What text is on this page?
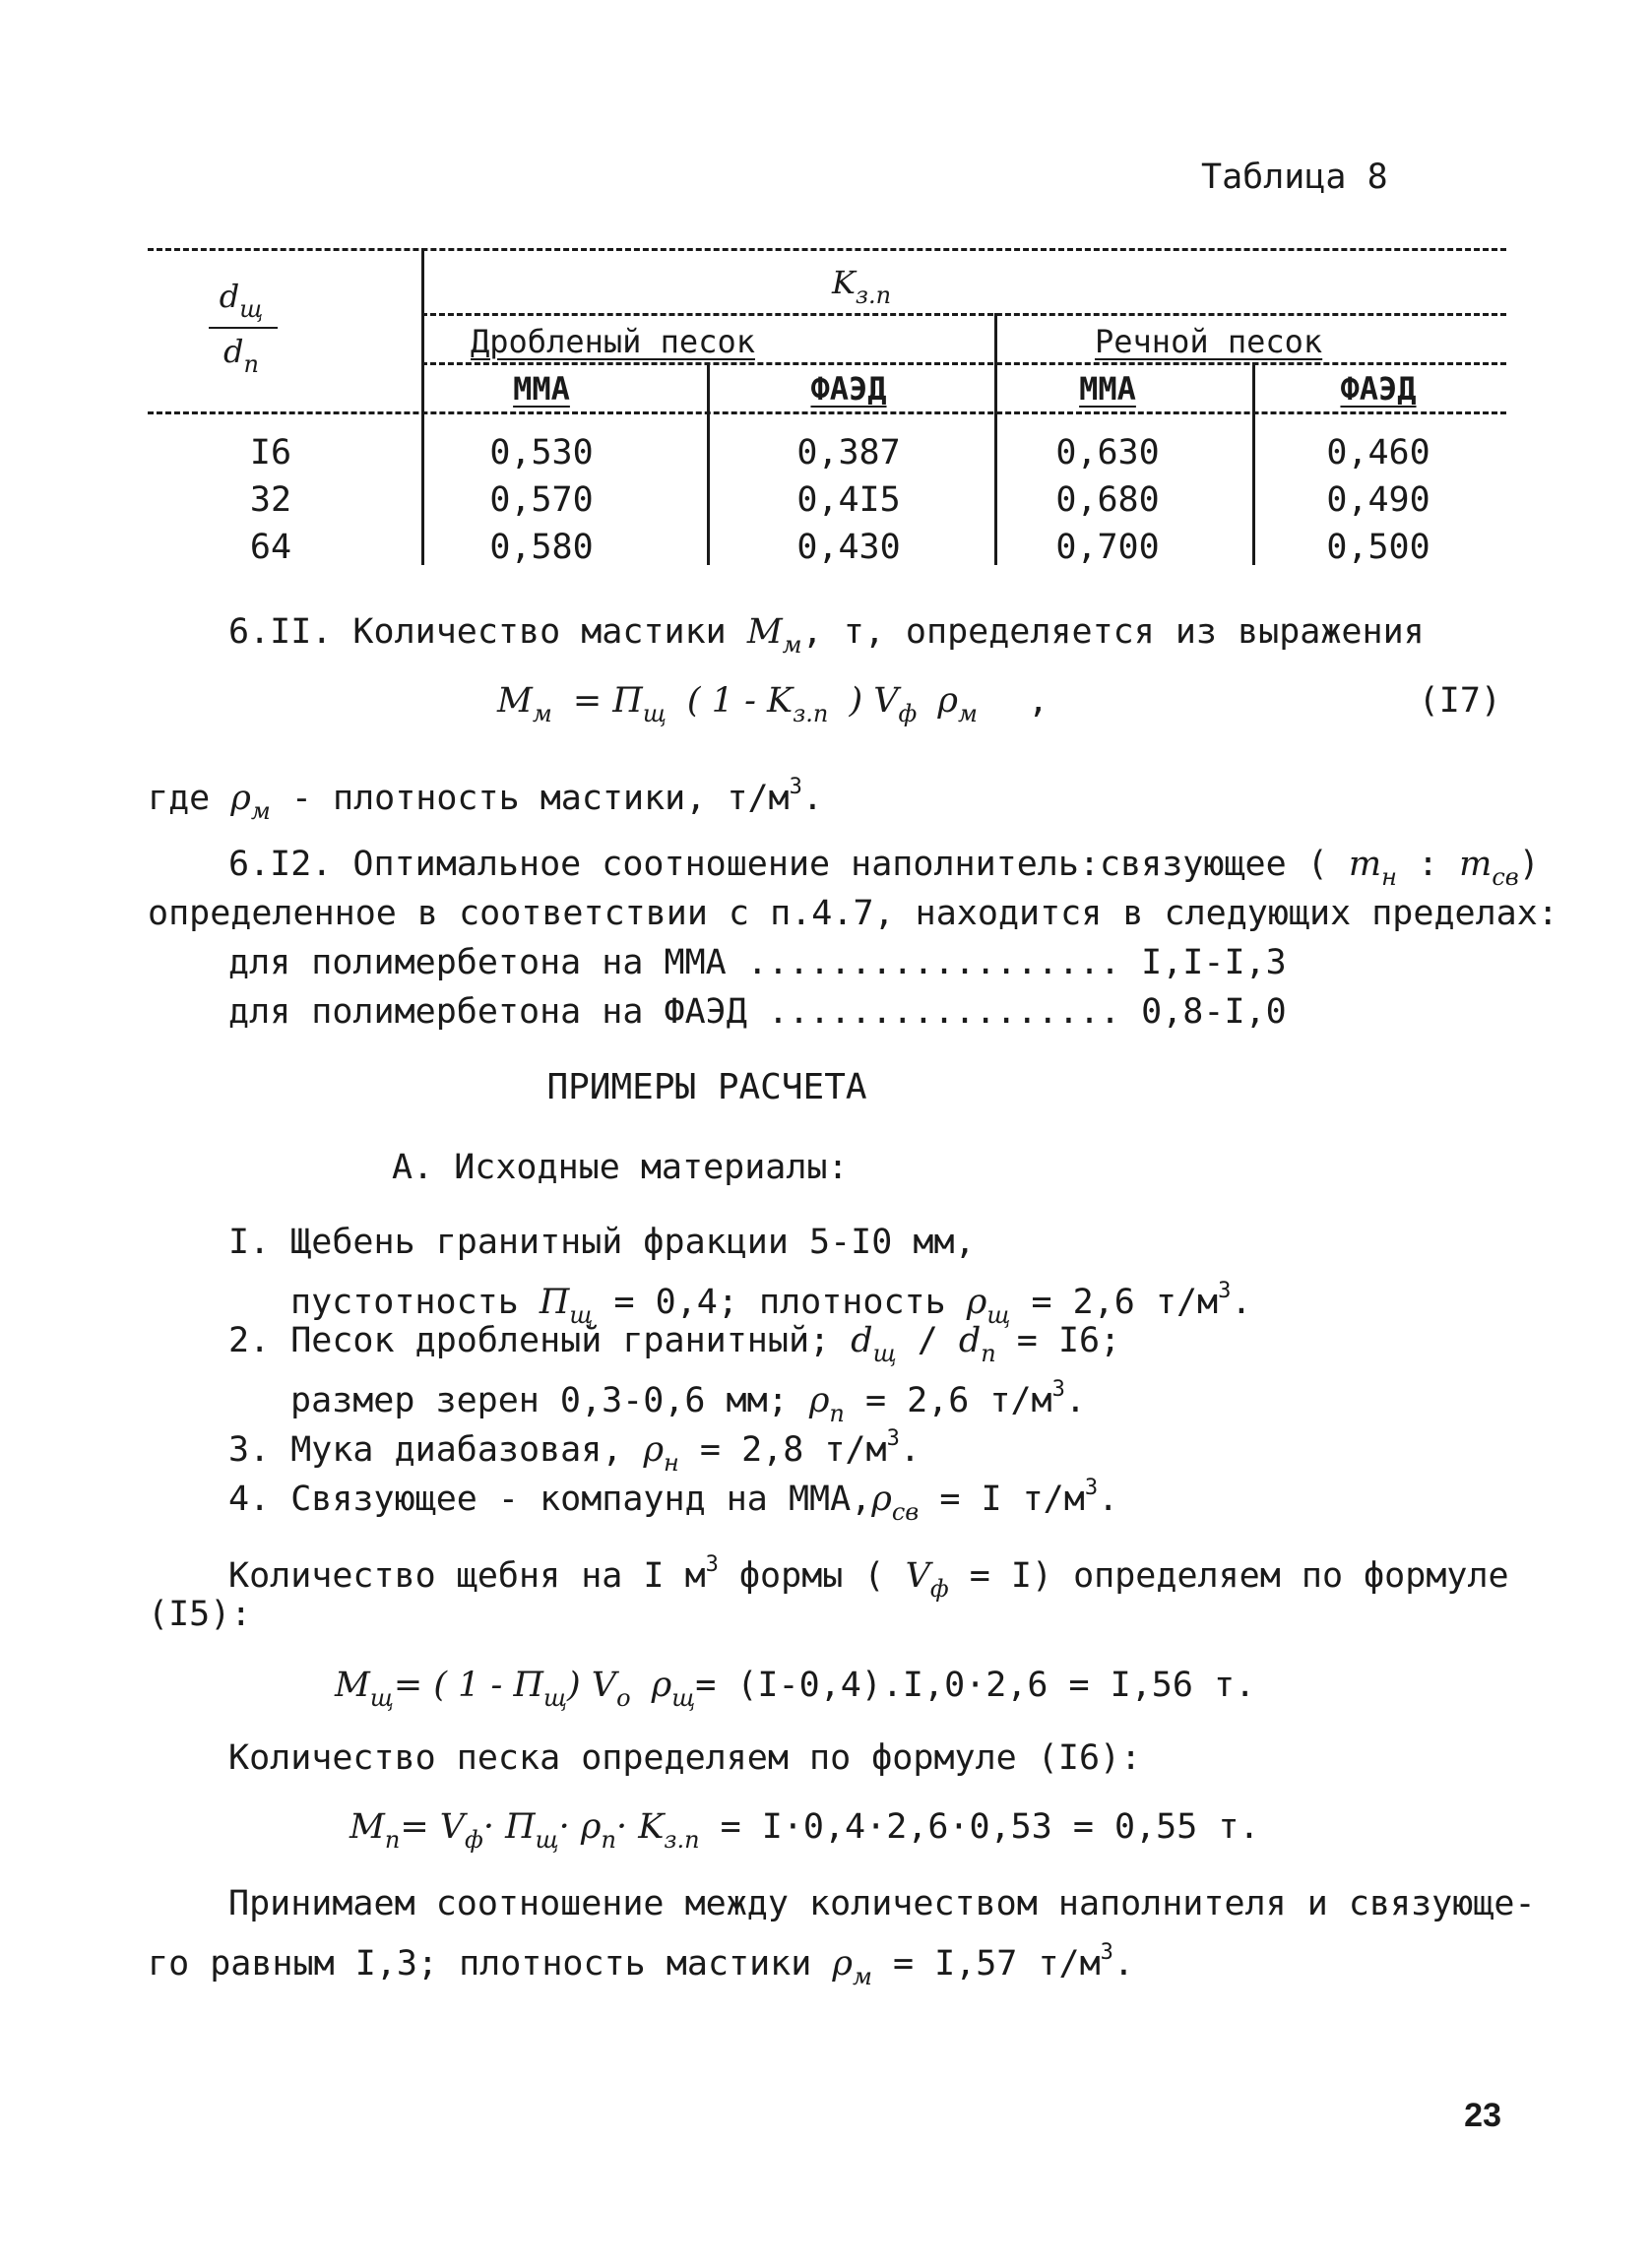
Таблица 8
$d_щ$
$d_п$
$K_{з.п}$
Дробленый песок	Речной песок
ММА	ФАЭД	ММА	ФАЭД
I6	0,530	0,387	0,630	0,460
32	0,570	0,4I5	0,680	0,490
64	0,580	0,430	0,700	0,500
6.II. Количество мастики $M_м$, т, определяется из выражения
$M_м = П_щ$ ( $1 - K_{з.п}$ ) $V_ф$ $\rho_м$ ,	(I7)
где $\rho_м$ - плотность мастики, $т/м^3$.
6.I2. Оптимальное соотношение наполнитель:связующее ( $m_н$ : $m_{св}$)
определенное в соответствии с п.4.7, находится в следующих пределах:
для полимербетона на ММА .................. I,I-I,3
для полимербетона на ФАЭД ................. 0,8-I,0
ПРИМЕРЫ РАСЧЕТА
А. Исходные материалы:
I. Щебень гранитный фракции 5-I0 мм,
пустотность $П_щ = 0,4$; плотность $\rho_щ = 2,6$ $т/м^3$.
2. Песок дробленый гранитный; $d_щ / d_п = I6$;
размер зерен 0,3-0,6 мм; $\rho_п = 2,6$ $т/м^3$.
3. Мука диабазовая, $\rho_н = 2,8$ $т/м^3$.
4. Связующее - компаунд на $ММА,\rho_{св} = I$ $т/м^3$.
Количество щебня на I $м^3$ формы ( $V_ф = I$) определяем по формуле
(I5):
$M_щ=$ ( $1 - П_щ$) $V_о$ $\rho_щ= (I-0,4).I,0\cdot 2,6 = I,56$ т.
Количество песка определяем по формуле (I6):
$M_п= V_ф\cdot П_щ\cdot \rho_п\cdot K_{з.п} = I\cdot 0,4\cdot 2,6\cdot 0,53 = 0,55$ т.
Принимаем соотношение между количеством наполнителя и связующе-
го равным I,3; плотность мастики $\rho_м = I,57$ $т/м^3$.
23
